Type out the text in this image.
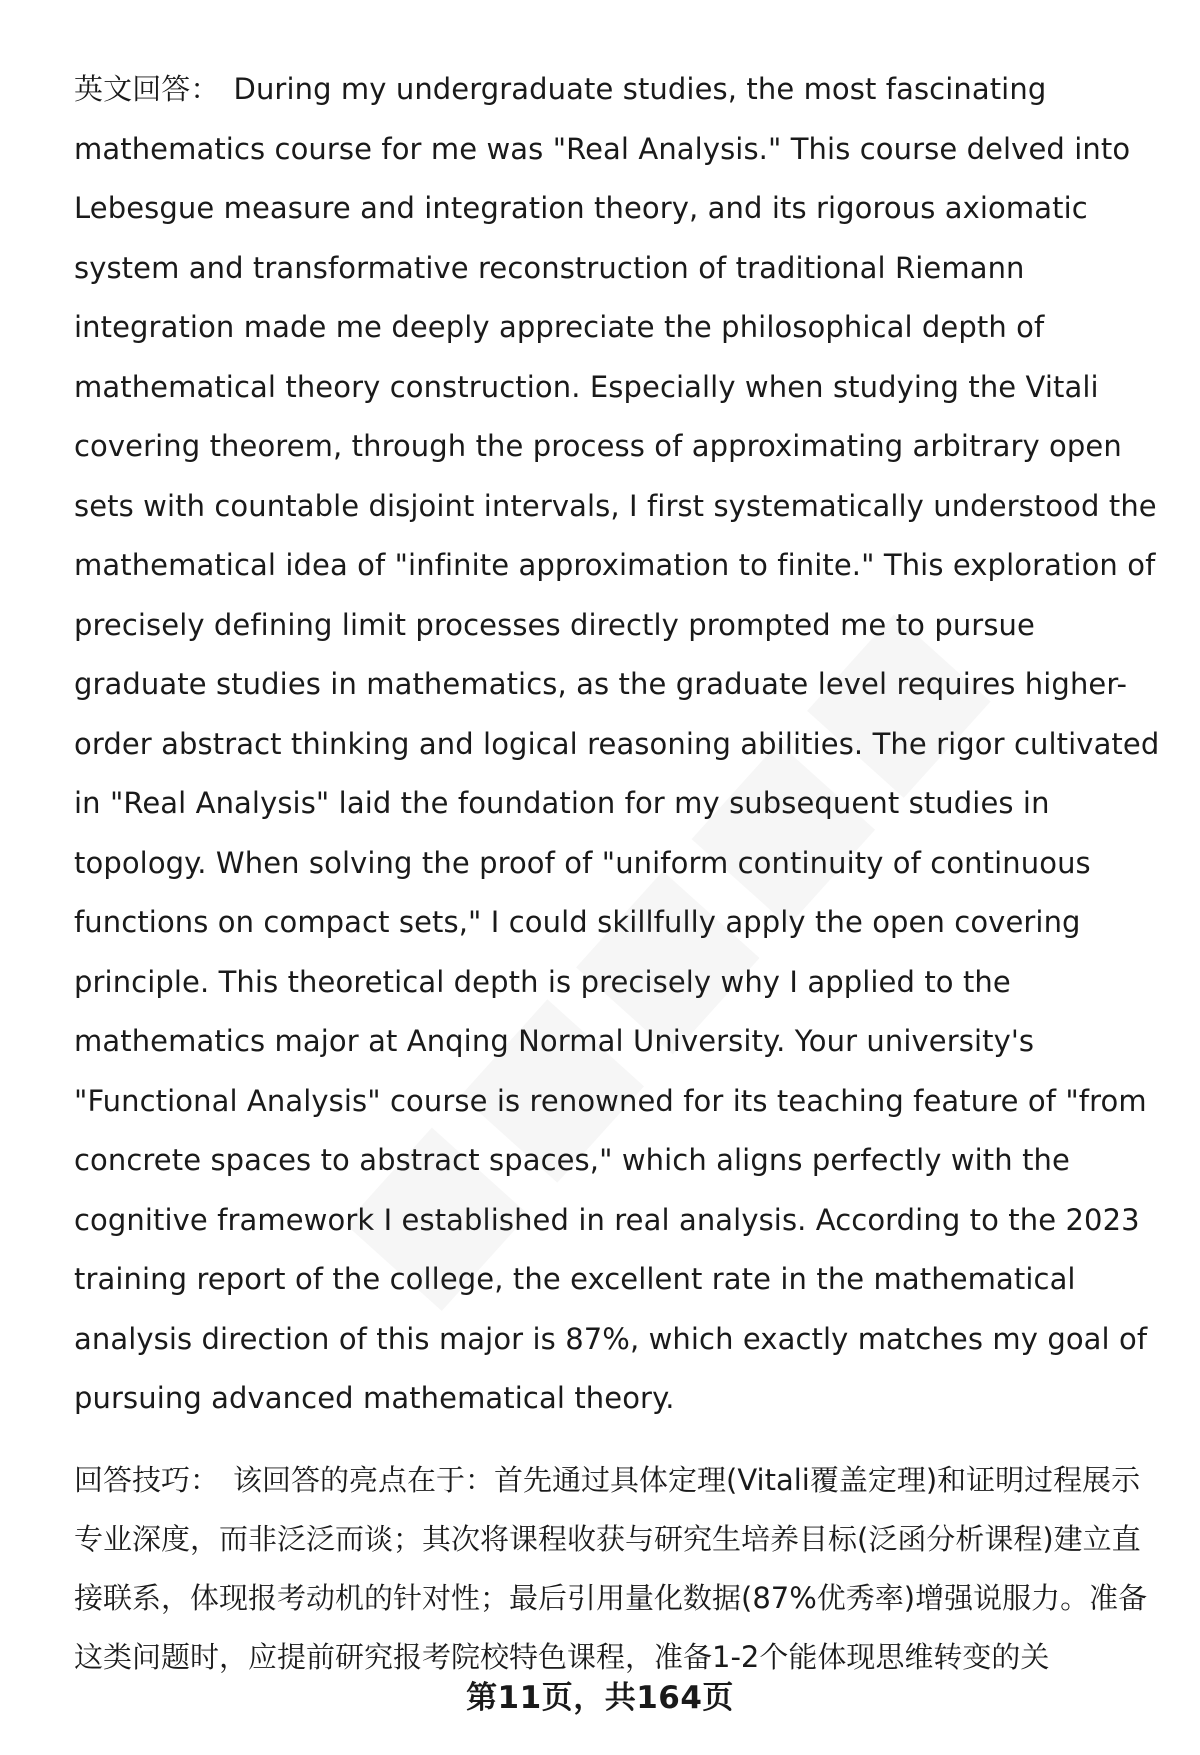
英文回答： During my undergraduate studies, the most fascinating mathematics course for me was "Real Analysis." This course delved into Lebesgue measure and integration theory, and its rigorous axiomatic system and transformative reconstruction of traditional Riemann integration made me deeply appreciate the philosophical depth of mathematical theory construction. Especially when studying the Vitali covering theorem, through the process of approximating arbitrary open sets with countable disjoint intervals, I first systematically understood the mathematical idea of "infinite approximation to finite." This exploration of precisely defining limit processes directly prompted me to pursue graduate studies in mathematics, as the graduate level requires higher-order abstract thinking and logical reasoning abilities. The rigor cultivated in "Real Analysis" laid the foundation for my subsequent studies in topology. When solving the proof of "uniform continuity of continuous functions on compact sets," I could skillfully apply the open covering principle. This theoretical depth is precisely why I applied to the mathematics major at Anqing Normal University. Your university's "Functional Analysis" course is renowned for its teaching feature of "from concrete spaces to abstract spaces," which aligns perfectly with the cognitive framework I established in real analysis. According to the 2023 training report of the college, the excellent rate in the mathematical analysis direction of this major is 87%, which exactly matches my goal of pursuing advanced mathematical theory.

回答技巧： 该回答的亮点在于：首先通过具体定理(Vitali覆盖定理)和证明过程展示专业深度，而非泛泛而谈；其次将课程收获与研究生培养目标(泛函分析课程)建立直接联系，体现报考动机的针对性；最后引用量化数据(87%优秀率)增强说服力。准备这类问题时，应提前研究报考院校特色课程，准备1-2个能体现思维转变的关

第11页，共164页
